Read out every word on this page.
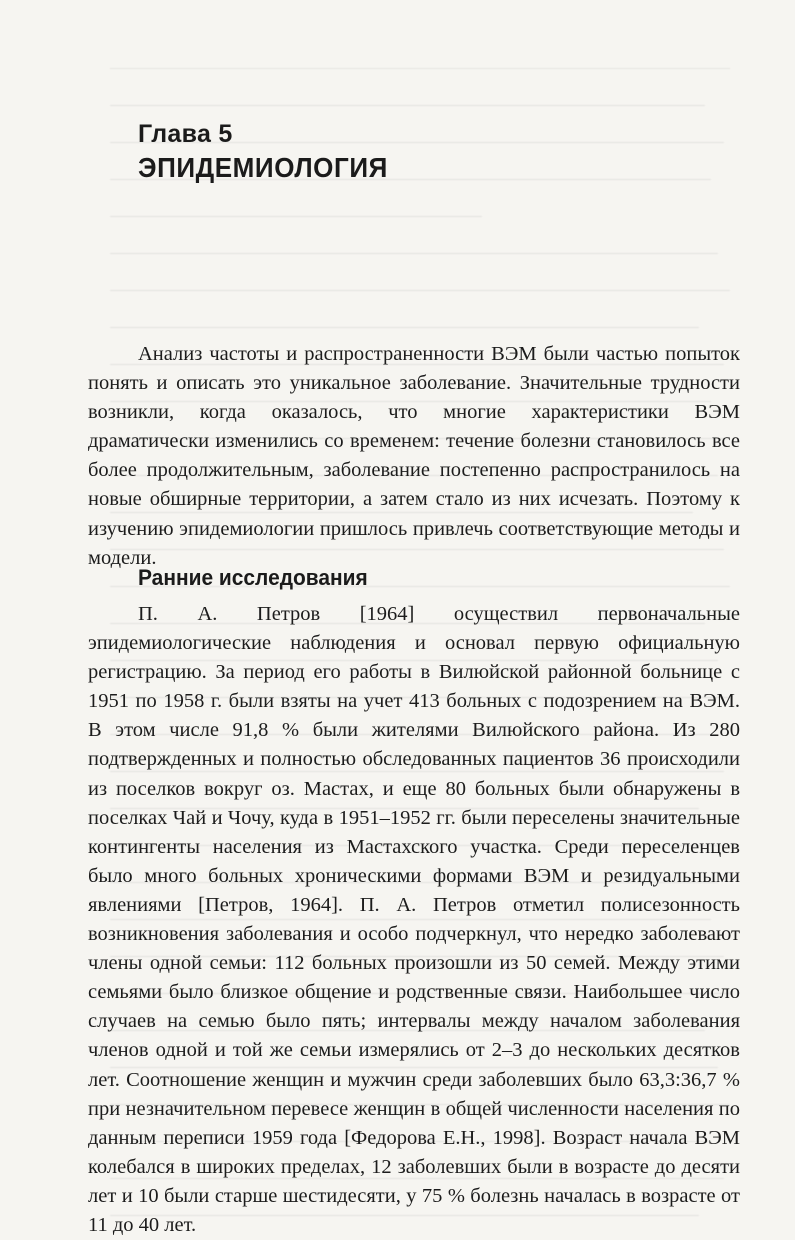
Глава 5
ЭПИДЕМИОЛОГИЯ

Анализ частоты и распространенности ВЭМ были частью попыток понять и описать это уникальное заболевание. Значительные трудности возникли, когда оказалось, что многие характеристики ВЭМ драматически изменились со временем: течение болезни становилось все более продолжительным, заболевание постепенно распространилось на новые обширные территории, а затем стало из них исчезать. Поэтому к изучению эпидемиологии пришлось привлечь соответствующие методы и модели.

Ранние исследования

П. А. Петров [1964] осуществил первоначальные эпидемиологические наблюдения и основал первую официальную регистрацию. За период его работы в Вилюйской районной больнице с 1951 по 1958 г. были взяты на учет 413 больных с подозрением на ВЭМ. В этом числе 91,8 % были жителями Вилюйского района. Из 280 подтвержденных и полностью обследованных пациентов 36 происходили из поселков вокруг оз. Мастах, и еще 80 больных были обнаружены в поселках Чай и Чочу, куда в 1951–1952 гг. были переселены значительные контингенты населения из Мастахского участка. Среди переселенцев было много больных хроническими формами ВЭМ и резидуальными явлениями [Петров, 1964]. П. А. Петров отметил полисезонность возникновения заболевания и особо подчеркнул, что нередко заболевают члены одной семьи: 112 больных произошли из 50 семей. Между этими семьями было близкое общение и родственные связи. Наибольшее число случаев на семью было пять; интервалы между началом заболевания членов одной и той же семьи измерялись от 2–3 до нескольких десятков лет. Соотношение женщин и мужчин среди заболевших было 63,3:36,7 % при незначительном перевесе женщин в общей численности населения по данным переписи 1959 года [Федорова Е.Н., 1998]. Возраст начала ВЭМ колебался в широких пределах, 12 заболевших были в возрасте до десяти лет и 10 были старше шестидесяти, у 75 % болезнь началась в возрасте от 11 до 40 лет.
